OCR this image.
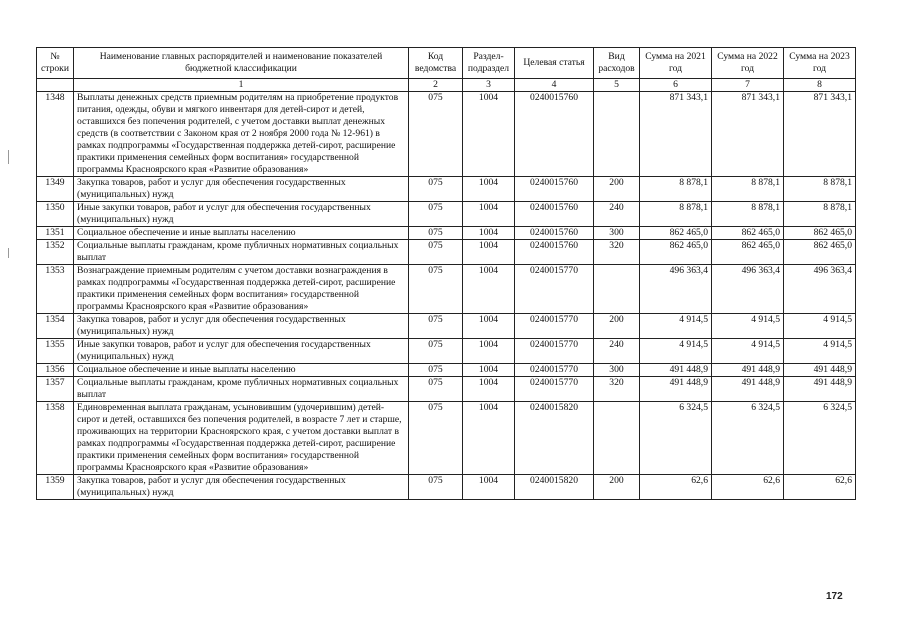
№ строки	Наименование главных распорядителей и наименование показателей бюджетной классификации	Код ведомства	Раздел-подраздел	Целевая статья	Вид расходов	Сумма на 2021 год	Сумма на 2022 год	Сумма на 2023 год
	1	2	3	4	5	6	7	8
1348	Выплаты денежных средств приемным родителям на приобретение продуктов питания, одежды, обуви и мягкого инвентаря для детей-сирот и детей, оставшихся без попечения родителей, с учетом доставки выплат денежных средств (в соответствии с Законом края от 2 ноября 2000 года № 12-961) в рамках подпрограммы «Государственная поддержка детей-сирот, расширение практики применения семейных форм воспитания» государственной программы Красноярского края «Развитие образования»	075	1004	0240015760		871 343,1	871 343,1	871 343,1
1349	Закупка товаров, работ и услуг для обеспечения государственных (муниципальных) нужд	075	1004	0240015760	200	8 878,1	8 878,1	8 878,1
1350	Иные закупки товаров, работ и услуг для обеспечения государственных (муниципальных) нужд	075	1004	0240015760	240	8 878,1	8 878,1	8 878,1
1351	Социальное обеспечение и иные выплаты населению	075	1004	0240015760	300	862 465,0	862 465,0	862 465,0
1352	Социальные выплаты гражданам, кроме публичных нормативных социальных выплат	075	1004	0240015760	320	862 465,0	862 465,0	862 465,0
1353	Вознаграждение приемным родителям с учетом доставки вознаграждения в рамках подпрограммы «Государственная поддержка детей-сирот, расширение практики применения семейных форм воспитания» государственной программы Красноярского края «Развитие образования»	075	1004	0240015770		496 363,4	496 363,4	496 363,4
1354	Закупка товаров, работ и услуг для обеспечения государственных (муниципальных) нужд	075	1004	0240015770	200	4 914,5	4 914,5	4 914,5
1355	Иные закупки товаров, работ и услуг для обеспечения государственных (муниципальных) нужд	075	1004	0240015770	240	4 914,5	4 914,5	4 914,5
1356	Социальное обеспечение и иные выплаты населению	075	1004	0240015770	300	491 448,9	491 448,9	491 448,9
1357	Социальные выплаты гражданам, кроме публичных нормативных социальных выплат	075	1004	0240015770	320	491 448,9	491 448,9	491 448,9
1358	Единовременная выплата гражданам, усыновившим (удочерившим) детей-сирот и детей, оставшихся без попечения родителей, в возрасте 7 лет и старше, проживающих на территории Красноярского края, с учетом доставки выплат в рамках подпрограммы «Государственная поддержка детей-сирот, расширение практики применения семейных форм воспитания» государственной программы Красноярского края «Развитие образования»	075	1004	0240015820		6 324,5	6 324,5	6 324,5
1359	Закупка товаров, работ и услуг для обеспечения государственных (муниципальных) нужд	075	1004	0240015820	200	62,6	62,6	62,6
172
